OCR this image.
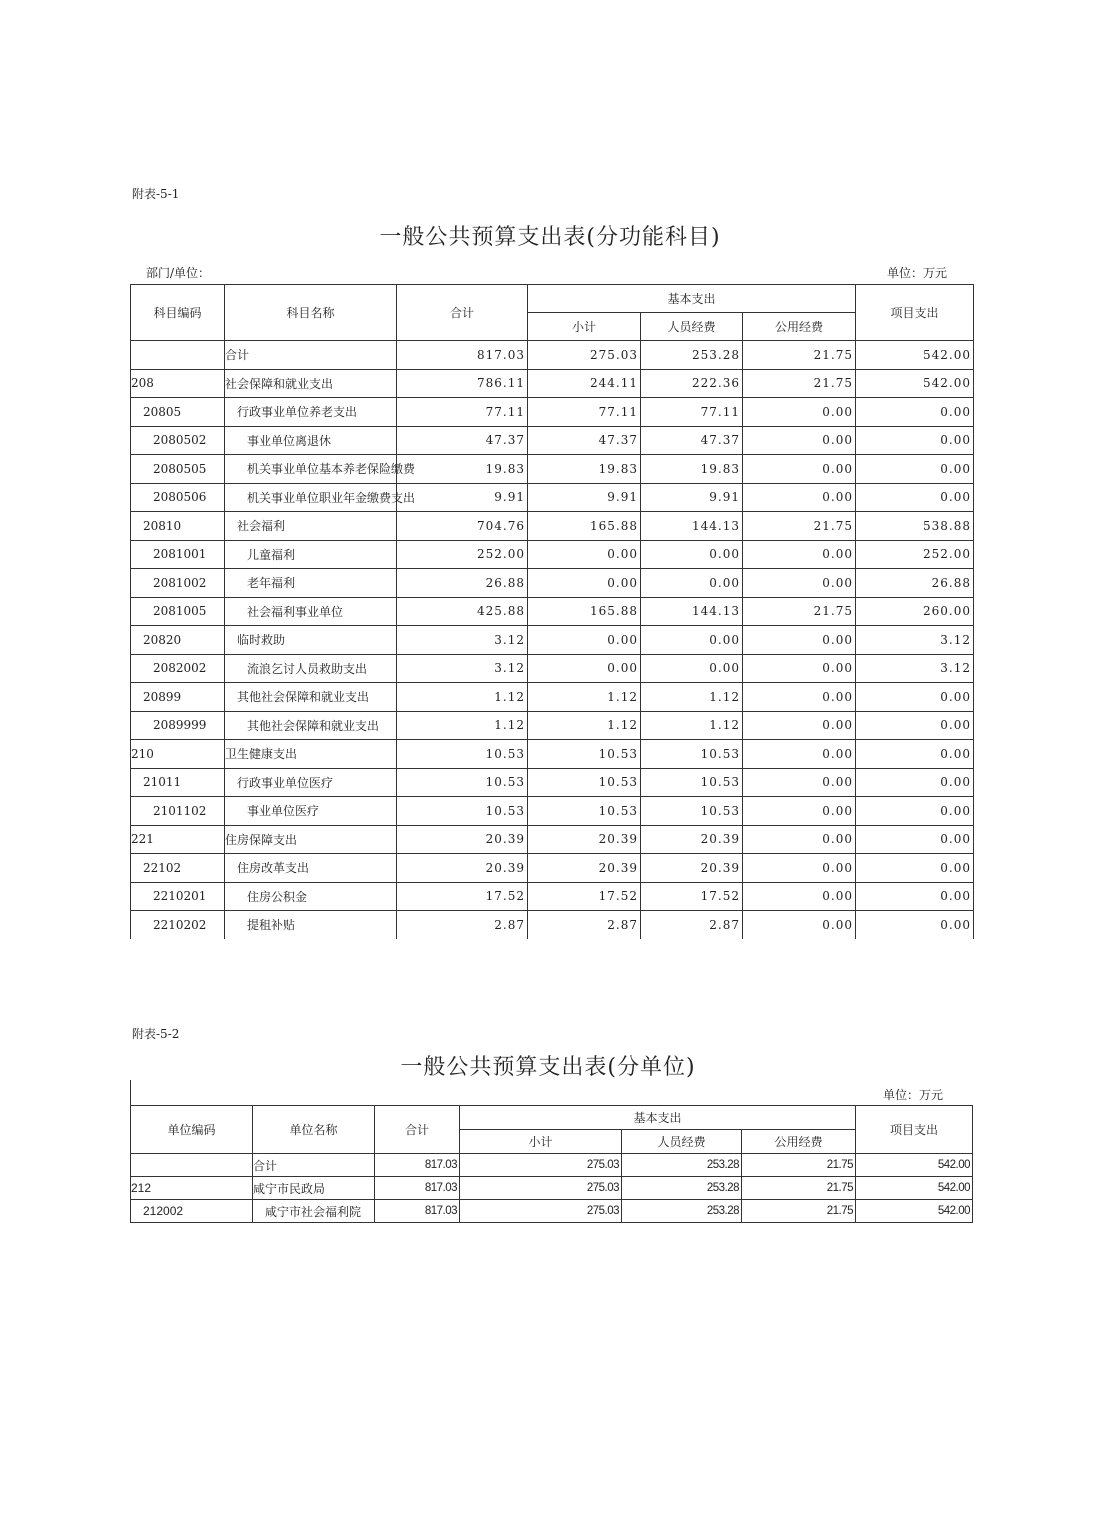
附表-5-1
一般公共预算支出表(分功能科目)
部门/单位：	单位：万元
科目编码	科目名称	合计	基本支出			项目支出
			小计	人员经费	公用经费	
	合计	817.03	275.03	253.28	21.75	542.00
208	社会保障和就业支出	786.11	244.11	222.36	21.75	542.00
20805	行政事业单位养老支出	77.11	77.11	77.11	0.00	0.00
2080502	事业单位离退休	47.37	47.37	47.37	0.00	0.00
2080505	机关事业单位基本养老保险缴费	19.83	19.83	19.83	0.00	0.00
2080506	机关事业单位职业年金缴费支出	9.91	9.91	9.91	0.00	0.00
20810	社会福利	704.76	165.88	144.13	21.75	538.88
2081001	儿童福利	252.00	0.00	0.00	0.00	252.00
2081002	老年福利	26.88	0.00	0.00	0.00	26.88
2081005	社会福利事业单位	425.88	165.88	144.13	21.75	260.00
20820	临时救助	3.12	0.00	0.00	0.00	3.12
2082002	流浪乞讨人员救助支出	3.12	0.00	0.00	0.00	3.12
20899	其他社会保障和就业支出	1.12	1.12	1.12	0.00	0.00
2089999	其他社会保障和就业支出	1.12	1.12	1.12	0.00	0.00
210	卫生健康支出	10.53	10.53	10.53	0.00	0.00
21011	行政事业单位医疗	10.53	10.53	10.53	0.00	0.00
2101102	事业单位医疗	10.53	10.53	10.53	0.00	0.00
221	住房保障支出	20.39	20.39	20.39	0.00	0.00
22102	住房改革支出	20.39	20.39	20.39	0.00	0.00
2210201	住房公积金	17.52	17.52	17.52	0.00	0.00
2210202	提租补贴	2.87	2.87	2.87	0.00	0.00
附表-5-2
一般公共预算支出表(分单位)
单位：万元
单位编码	单位名称	合计	基本支出			项目支出
			小计	人员经费	公用经费	
	合计	817.03	275.03	253.28	21.75	542.00
212	咸宁市民政局	817.03	275.03	253.28	21.75	542.00
212002	咸宁市社会福利院	817.03	275.03	253.28	21.75	542.00
